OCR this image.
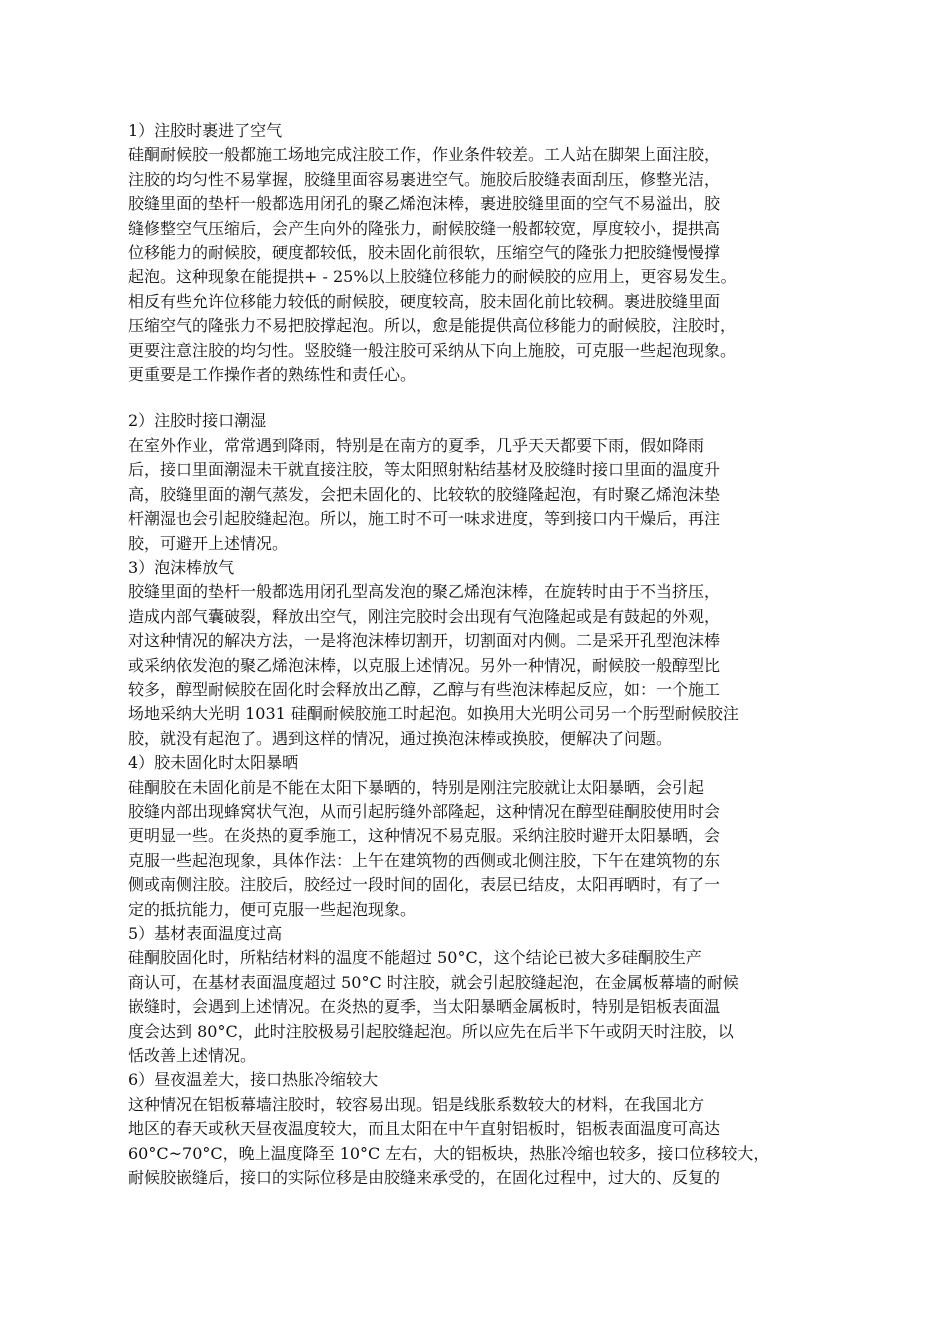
1）注胶时裹进了空气

硅酮耐候胶一般都施工场地完成注胶工作，作业条件较差。工人站在脚架上面注胶，

注胶的均匀性不易掌握，胶缝里面容易裹进空气。施胶后胶缝表面刮压，修整光洁，

胶缝里面的垫杆一般都选用闭孔的聚乙烯泡沫棒，裹进胶缝里面的空气不易溢出，胶

缝修整空气压缩后，会产生向外的隆张力，耐候胶缝一般都较宽，厚度较小，提拱高

位移能力的耐候胶，硬度都较低，胶未固化前很软，压缩空气的隆张力把胶缝慢慢撑

起泡。这种现象在能提拱+ - 25%以上胶缝位移能力的耐候胶的应用上，更容易发生。

相反有些允许位移能力较低的耐候胶，硬度较高，胶未固化前比较稠。裹进胶缝里面

压缩空气的隆张力不易把胶撑起泡。所以，愈是能提供高位移能力的耐候胶，注胶时，

更要注意注胶的均匀性。竖胶缝一般注胶可采纳从下向上施胶，可克服一些起泡现象。

更重要是工作操作者的熟练性和责任心。

2）注胶时接口潮湿

在室外作业，常常遇到降雨，特别是在南方的夏季，几乎天天都要下雨，假如降雨

后，接口里面潮湿未干就直接注胶，等太阳照射粘结基材及胶缝时接口里面的温度升

高，胶缝里面的潮气蒸发，会把未固化的、比较软的胶缝隆起泡，有时聚乙烯泡沫垫

杆潮湿也会引起胶缝起泡。所以，施工时不可一味求进度，等到接口内干燥后，再注

胶，可避开上述情况。

3）泡沫棒放气

胶缝里面的垫杆一般都选用闭孔型高发泡的聚乙烯泡沫棒，在旋转时由于不当挤压，

造成内部气囊破裂，释放出空气，刚注完胶时会出现有气泡隆起或是有鼓起的外观，

对这种情况的解决方法，一是将泡沫棒切割开，切割面对内侧。二是采开孔型泡沫棒

或采纳依发泡的聚乙烯泡沫棒，以克服上述情况。另外一种情况，耐候胶一般醇型比

较多，醇型耐候胶在固化时会释放出乙醇，乙醇与有些泡沫棒起反应，如：一个施工

场地采纳大光明 1031 硅酮耐候胶施工时起泡。如换用大光明公司另一个肟型耐候胶注

胶，就没有起泡了。遇到这样的情况，通过换泡沫棒或换胶，便解决了问题。

4）胶未固化时太阳暴晒

硅酮胶在未固化前是不能在太阳下暴晒的，特别是刚注完胶就让太阳暴晒，会引起

胶缝内部出现蜂窝状气泡，从而引起肟缝外部隆起，这种情况在醇型硅酮胶使用时会

更明显一些。在炎热的夏季施工，这种情况不易克服。采纳注胶时避开太阳暴晒，会

克服一些起泡现象，具体作法：上午在建筑物的西侧或北侧注胶，下午在建筑物的东

侧或南侧注胶。注胶后，胶经过一段时间的固化，表层已结皮，太阳再晒时，有了一

定的抵抗能力，便可克服一些起泡现象。

5）基材表面温度过高

硅酮胶固化时，所粘结材料的温度不能超过 50°C，这个结论已被大多硅酮胶生产

商认可，在基材表面温度超过 50°C 时注胶，就会引起胶缝起泡，在金属板幕墙的耐候

嵌缝时，会遇到上述情况。在炎热的夏季，当太阳暴晒金属板时，特别是铝板表面温

度会达到 80°C，此时注胶极易引起胶缝起泡。所以应先在后半下午或阴天时注胶，以

恬改善上述情况。

6）昼夜温差大，接口热胀冷缩较大

这种情况在铝板幕墙注胶时，较容易出现。铝是线胀系数较大的材料，在我国北方

地区的春天或秋天昼夜温度较大，而且太阳在中午直射铝板时，铝板表面温度可高达

60°C~70°C，晚上温度降至 10°C 左右，大的铝板块，热胀冷缩也较多，接口位移较大，

耐候胶嵌缝后，接口的实际位移是由胶缝来承受的，在固化过程中，过大的、反复的
